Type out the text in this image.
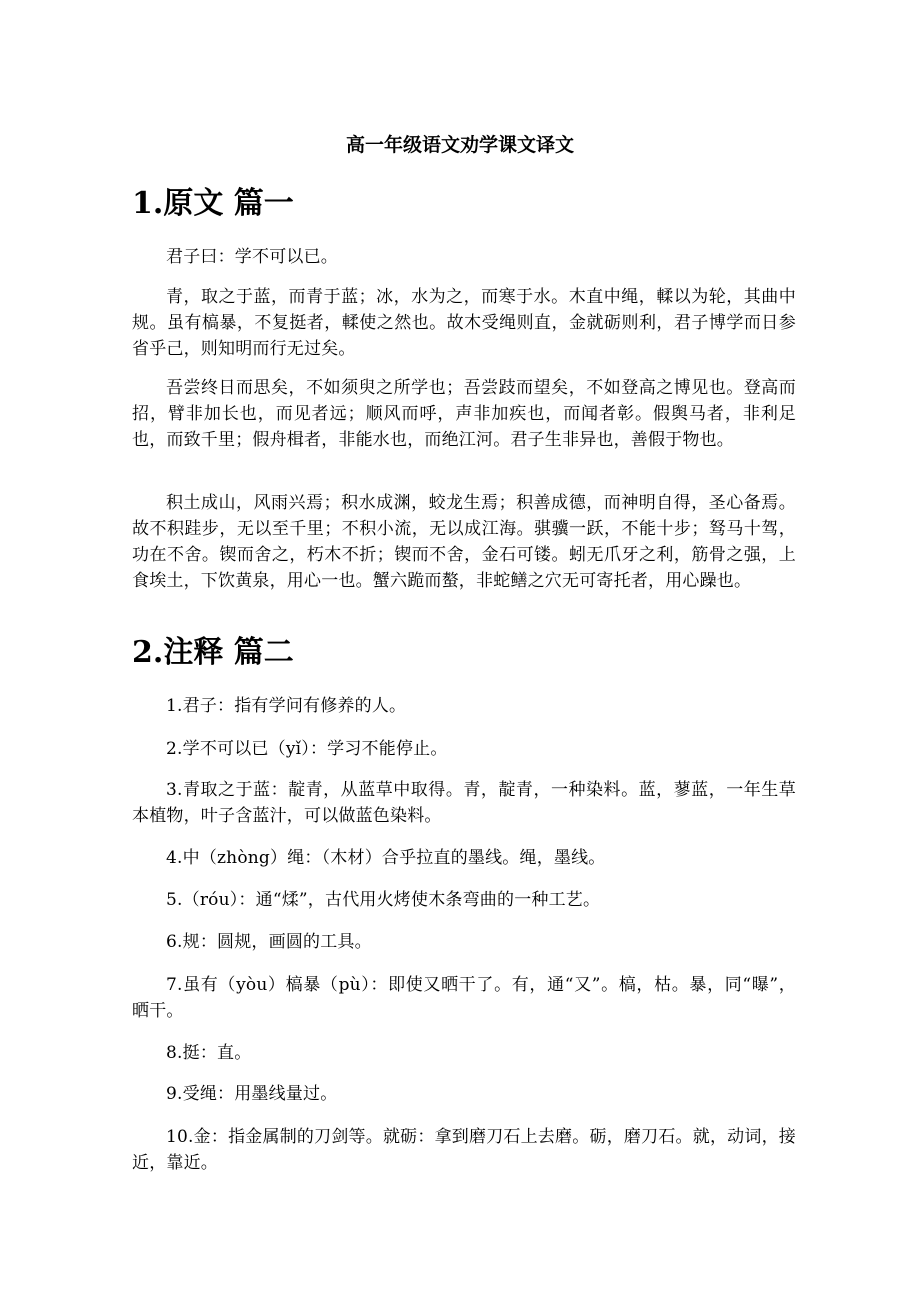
高一年级语文劝学课文译文
1.原文 篇一

君子曰：学不可以已。

青，取之于蓝，而青于蓝；冰，水为之，而寒于水。木直中绳，輮以为轮，其曲中规。虽有槁暴，不复挺者，輮使之然也。故木受绳则直，金就砺则利，君子博学而日参省乎己，则知明而行无过矣。

吾尝终日而思矣，不如须臾之所学也；吾尝跂而望矣，不如登高之博见也。登高而招，臂非加长也，而见者远；顺风而呼，声非加疾也，而闻者彰。假舆马者，非利足也，而致千里；假舟楫者，非能水也，而绝江河。君子生非异也，善假于物也。

积土成山，风雨兴焉；积水成渊，蛟龙生焉；积善成德，而神明自得，圣心备焉。故不积跬步，无以至千里；不积小流，无以成江海。骐骥一跃，不能十步；驽马十驾，功在不舍。锲而舍之，朽木不折；锲而不舍，金石可镂。蚓无爪牙之利，筋骨之强，上食埃土，下饮黄泉，用心一也。蟹六跪而螯，非蛇鳝之穴无可寄托者，用心躁也。

2.注释 篇二

1.君子：指有学问有修养的人。

2.学不可以已（yǐ）：学习不能停止。

3.青取之于蓝：靛青，从蓝草中取得。青，靛青，一种染料。蓝，蓼蓝，一年生草本植物，叶子含蓝汁，可以做蓝色染料。

4.中（zhòng）绳：（木材）合乎拉直的墨线。绳，墨线。

5.（róu）：通“煣”，古代用火烤使木条弯曲的一种工艺。

6.规：圆规，画圆的工具。

7.虽有（yòu）槁暴（pù）：即使又晒干了。有，通“又”。槁，枯。暴，同“曝”，晒干。

8.挺：直。

9.受绳：用墨线量过。

10.金：指金属制的刀剑等。就砺：拿到磨刀石上去磨。砺，磨刀石。就，动词，接近，靠近。
